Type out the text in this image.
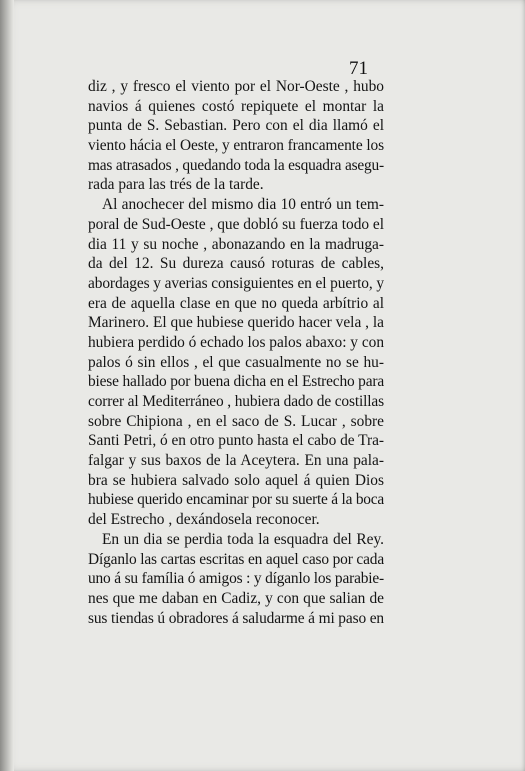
71
diz , y fresco el viento por el Nor-Oeste , hubo
navios á quienes costó repiquete el montar la
punta de S. Sebastian. Pero con el dia llamó el
viento hácia el Oeste, y entraron francamente los
mas atrasados , quedando toda la esquadra asegu-
rada para las trés de la tarde.
Al anochecer del mismo dia 10 entró un tem-
poral de Sud-Oeste , que dobló su fuerza todo el
dia 11 y su noche , abonazando en la madruga-
da del 12. Su dureza causó roturas de cables,
abordages y averias consiguientes en el puerto, y
era de aquella clase en que no queda arbítrio al
Marinero. El que hubiese querido hacer vela , la
hubiera perdido ó echado los palos abaxo: y con
palos ó sin ellos , el que casualmente no se hu-
biese hallado por buena dicha en el Estrecho para
correr al Mediterráneo , hubiera dado de costillas
sobre Chipiona , en el saco de S. Lucar , sobre
Santi Petri, ó en otro punto hasta el cabo de Tra-
falgar y sus baxos de la Aceytera. En una pala-
bra se hubiera salvado solo aquel á quien Dios
hubiese querido encaminar por su suerte á la boca
del Estrecho , dexándosela reconocer.
En un dia se perdia toda la esquadra del Rey.
Díganlo las cartas escritas en aquel caso por cada
uno á su família ó amigos : y díganlo los parabie-
nes que me daban en Cadiz, y con que salian de
sus tiendas ú obradores á saludarme á mi paso en
